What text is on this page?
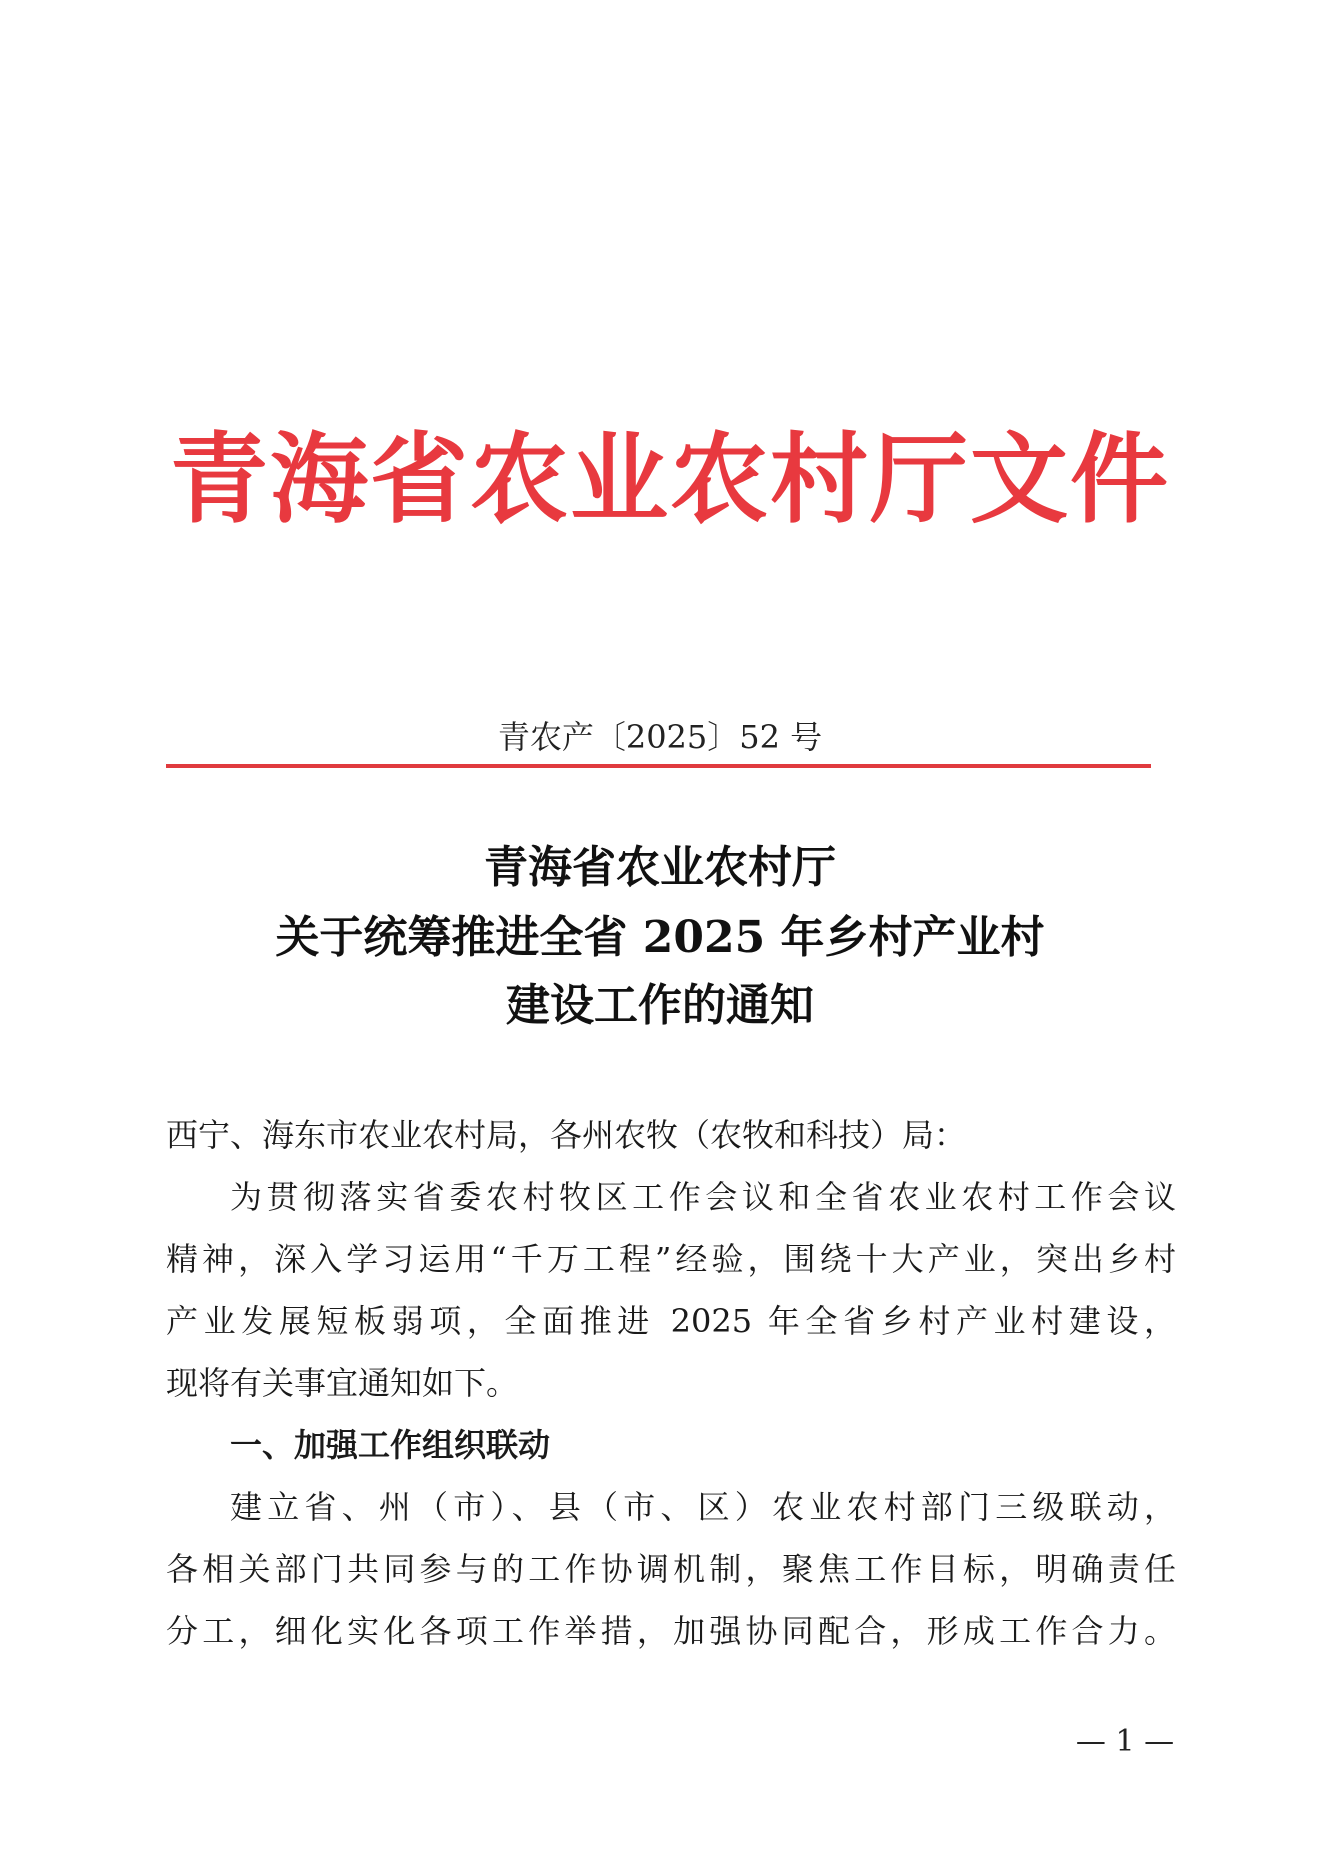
青海省农业农村厅文件
青农产〔2025〕52 号
青海省农业农村厅
关于统筹推进全省 2025 年乡村产业村
建设工作的通知
西宁、海东市农业农村局，各州农牧（农牧和科技）局：
为贯彻落实省委农村牧区工作会议和全省农业农村工作会议
精神，深入学习运用“千万工程”经验，围绕十大产业，突出乡村
产业发展短板弱项，全面推进 2025 年全省乡村产业村建设，
现将有关事宜通知如下。
一、加强工作组织联动
建立省、州（市）、县（市、区）农业农村部门三级联动，
各相关部门共同参与的工作协调机制，聚焦工作目标，明确责任
分工，细化实化各项工作举措，加强协同配合，形成工作合力。
— 1 —
